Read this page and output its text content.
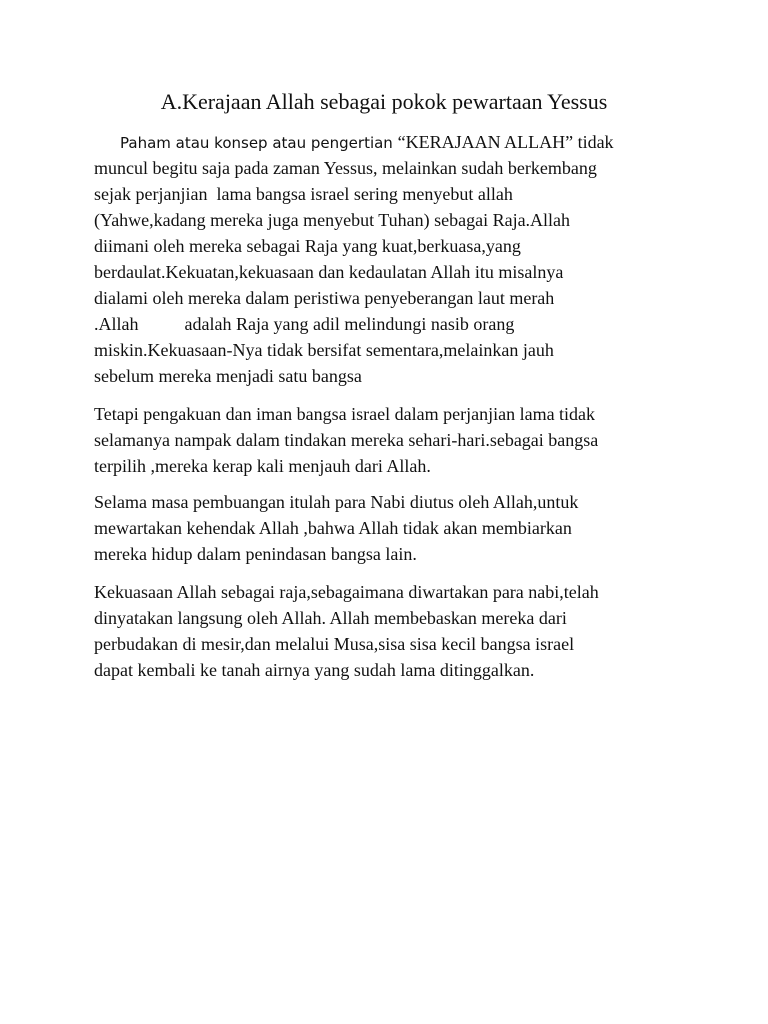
A.Kerajaan Allah sebagai pokok pewartaan Yessus
Paham atau konsep atau pengertian “KERAJAAN ALLAH” tidak
muncul begitu saja pada zaman Yessus, melainkan sudah berkembang
sejak perjanjian  lama bangsa israel sering menyebut allah
(Yahwe,kadang mereka juga menyebut Tuhan) sebagai Raja.Allah
diimani oleh mereka sebagai Raja yang kuat,berkuasa,yang
berdaulat.Kekuatan,kekuasaan dan kedaulatan Allah itu misalnya
dialami oleh mereka dalam peristiwa penyeberangan laut merah
.Allah	adalah Raja yang adil melindungi nasib orang
miskin.Kekuasaan-Nya tidak bersifat sementara,melainkan jauh
sebelum mereka menjadi satu bangsa
Tetapi pengakuan dan iman bangsa israel dalam perjanjian lama tidak
selamanya nampak dalam tindakan mereka sehari-hari.sebagai bangsa
terpilih ,mereka kerap kali menjauh dari Allah.
Selama masa pembuangan itulah para Nabi diutus oleh Allah,untuk
mewartakan kehendak Allah ,bahwa Allah tidak akan membiarkan
mereka hidup dalam penindasan bangsa lain.
Kekuasaan Allah sebagai raja,sebagaimana diwartakan para nabi,telah
dinyatakan langsung oleh Allah. Allah membebaskan mereka dari
perbudakan di mesir,dan melalui Musa,sisa sisa kecil bangsa israel
dapat kembali ke tanah airnya yang sudah lama ditinggalkan.
